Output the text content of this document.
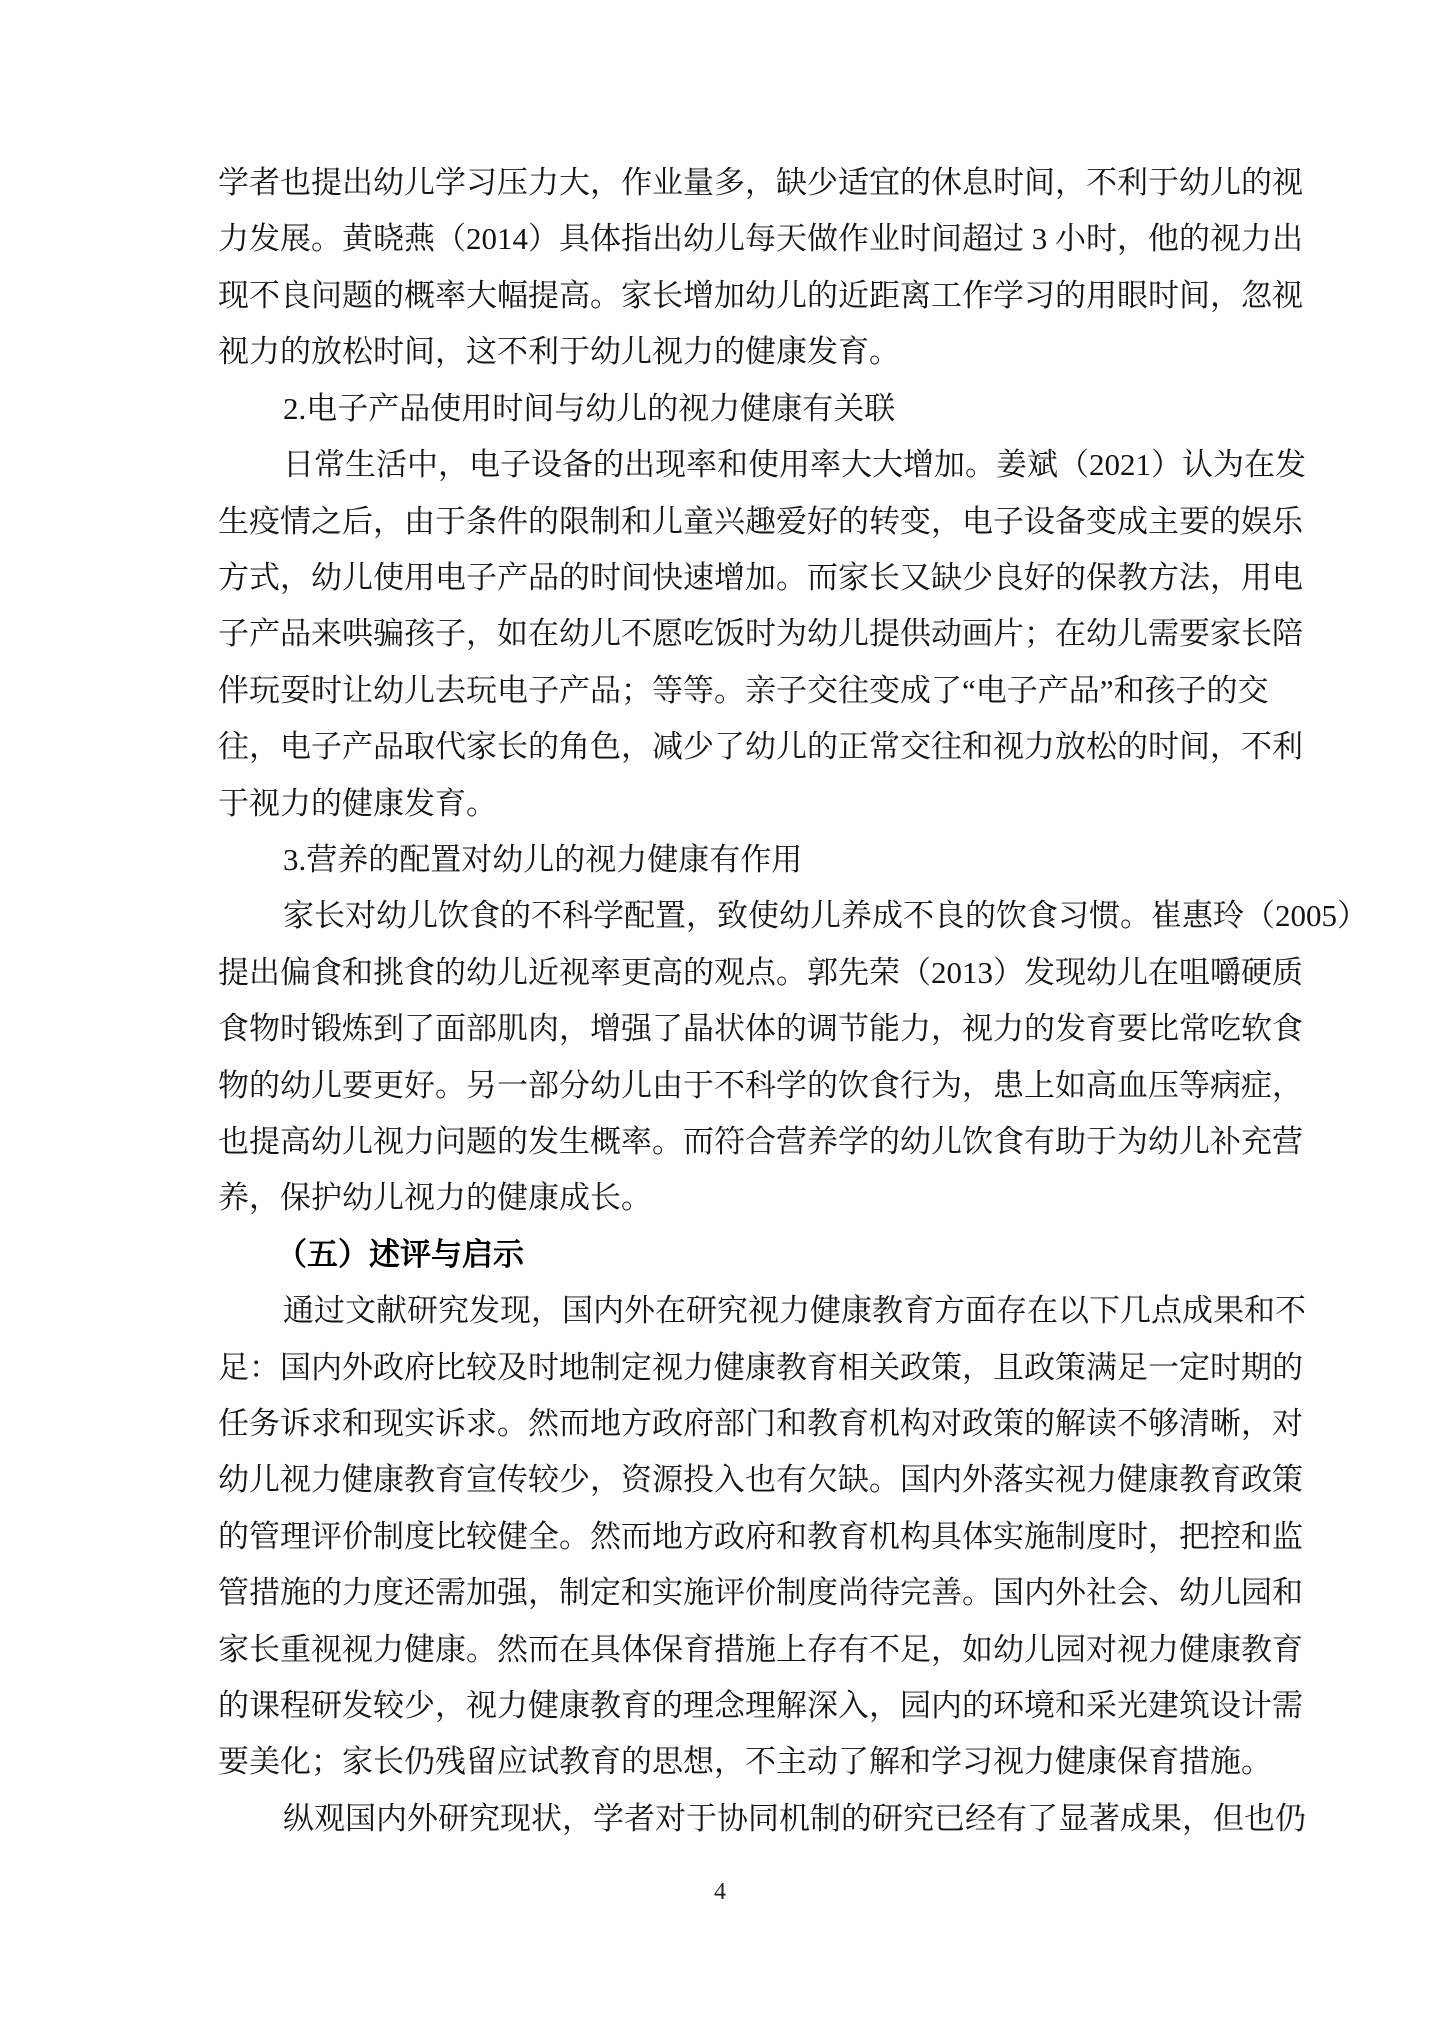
学者也提出幼儿学习压力大，作业量多，缺少适宜的休息时间，不利于幼儿的视
力发展。黄晓燕（2014）具体指出幼儿每天做作业时间超过 3 小时，他的视力出
现不良问题的概率大幅提高。家长增加幼儿的近距离工作学习的用眼时间，忽视
视力的放松时间，这不利于幼儿视力的健康发育。
2.电子产品使用时间与幼儿的视力健康有关联
日常生活中，电子设备的出现率和使用率大大增加。姜斌（2021）认为在发
生疫情之后，由于条件的限制和儿童兴趣爱好的转变，电子设备变成主要的娱乐
方式，幼儿使用电子产品的时间快速增加。而家长又缺少良好的保教方法，用电
子产品来哄骗孩子，如在幼儿不愿吃饭时为幼儿提供动画片；在幼儿需要家长陪
伴玩耍时让幼儿去玩电子产品；等等。亲子交往变成了“电子产品”和孩子的交
往，电子产品取代家长的角色，减少了幼儿的正常交往和视力放松的时间，不利
于视力的健康发育。
3.营养的配置对幼儿的视力健康有作用
家长对幼儿饮食的不科学配置，致使幼儿养成不良的饮食习惯。崔惠玲（2005）
提出偏食和挑食的幼儿近视率更高的观点。郭先荣（2013）发现幼儿在咀嚼硬质
食物时锻炼到了面部肌肉，增强了晶状体的调节能力，视力的发育要比常吃软食
物的幼儿要更好。另一部分幼儿由于不科学的饮食行为，患上如高血压等病症，
也提高幼儿视力问题的发生概率。而符合营养学的幼儿饮食有助于为幼儿补充营
养，保护幼儿视力的健康成长。
（五）述评与启示
通过文献研究发现，国内外在研究视力健康教育方面存在以下几点成果和不
足：国内外政府比较及时地制定视力健康教育相关政策，且政策满足一定时期的
任务诉求和现实诉求。然而地方政府部门和教育机构对政策的解读不够清晰，对
幼儿视力健康教育宣传较少，资源投入也有欠缺。国内外落实视力健康教育政策
的管理评价制度比较健全。然而地方政府和教育机构具体实施制度时，把控和监
管措施的力度还需加强，制定和实施评价制度尚待完善。国内外社会、幼儿园和
家长重视视力健康。然而在具体保育措施上存有不足，如幼儿园对视力健康教育
的课程研发较少，视力健康教育的理念理解深入，园内的环境和采光建筑设计需
要美化；家长仍残留应试教育的思想，不主动了解和学习视力健康保育措施。
纵观国内外研究现状，学者对于协同机制的研究已经有了显著成果，但也仍
4
